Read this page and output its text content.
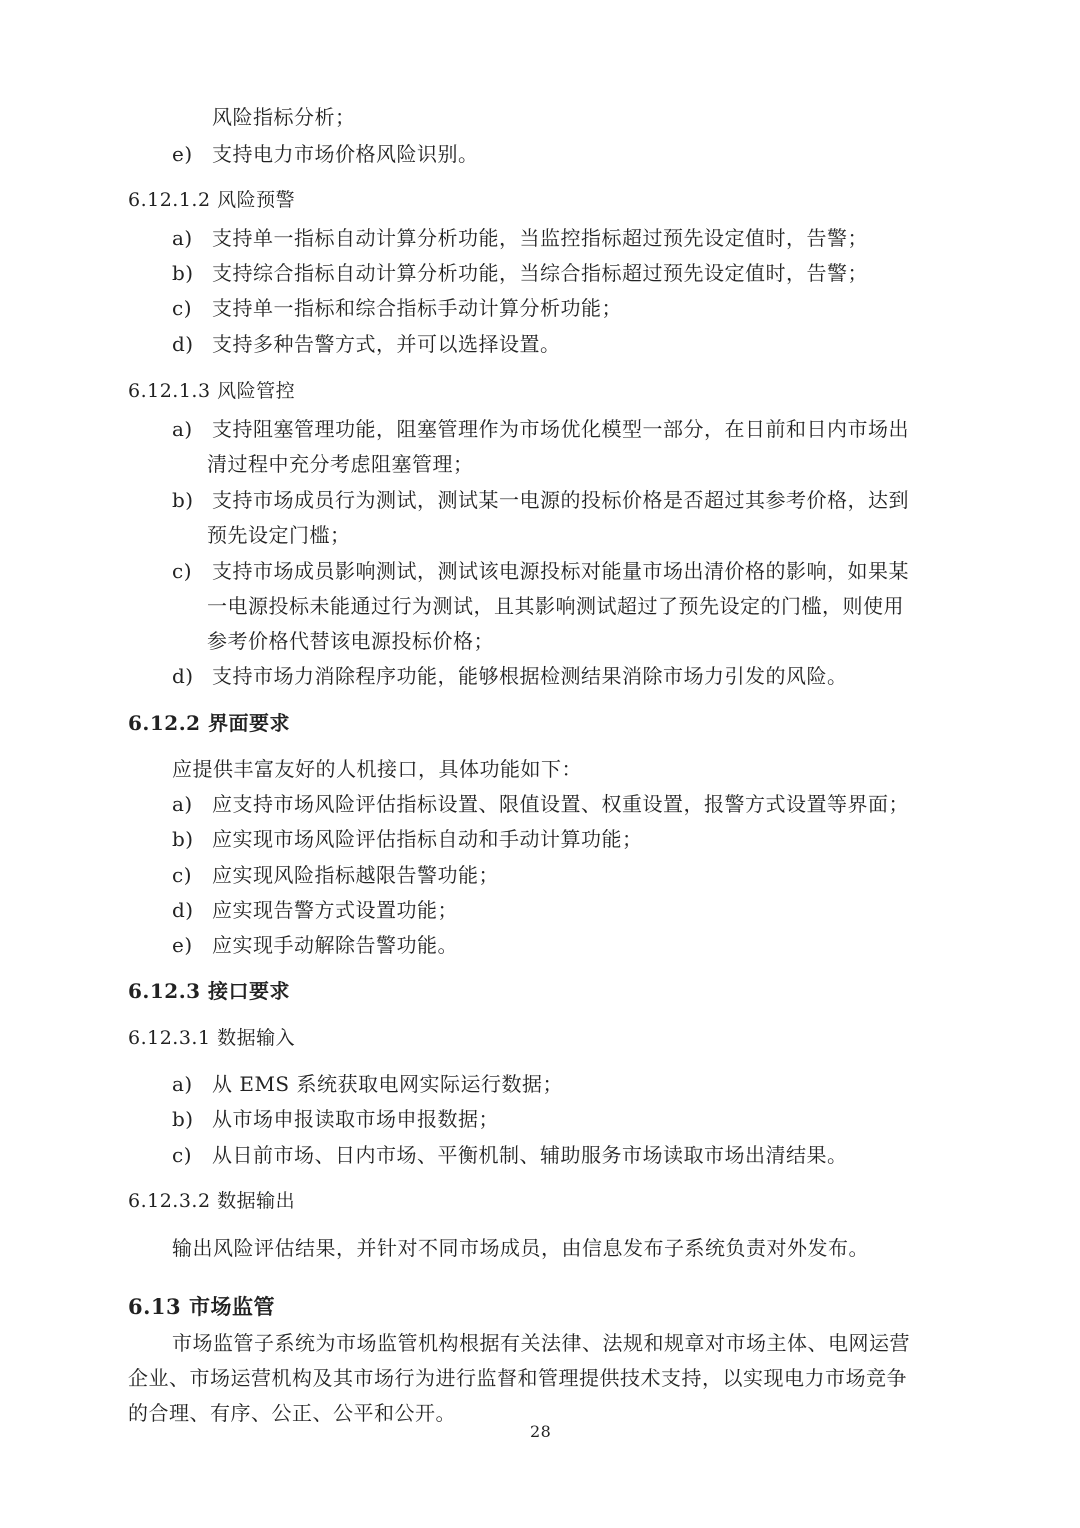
风险指标分析；
e) 支持电力市场价格风险识别。
6.12.1.2 风险预警
a) 支持单一指标自动计算分析功能，当监控指标超过预先设定值时，告警；
b) 支持综合指标自动计算分析功能，当综合指标超过预先设定值时，告警；
c) 支持单一指标和综合指标手动计算分析功能；
d) 支持多种告警方式，并可以选择设置。
6.12.1.3 风险管控
a) 支持阻塞管理功能，阻塞管理作为市场优化模型一部分，在日前和日内市场出
清过程中充分考虑阻塞管理；
b) 支持市场成员行为测试，测试某一电源的投标价格是否超过其参考价格，达到
预先设定门槛；
c) 支持市场成员影响测试，测试该电源投标对能量市场出清价格的影响，如果某
一电源投标未能通过行为测试，且其影响测试超过了预先设定的门槛，则使用
参考价格代替该电源投标价格；
d) 支持市场力消除程序功能，能够根据检测结果消除市场力引发的风险。
6.12.2 界面要求
应提供丰富友好的人机接口，具体功能如下：
a) 应支持市场风险评估指标设置、限值设置、权重设置，报警方式设置等界面；
b) 应实现市场风险评估指标自动和手动计算功能；
c) 应实现风险指标越限告警功能；
d) 应实现告警方式设置功能；
e) 应实现手动解除告警功能。
6.12.3 接口要求
6.12.3.1 数据输入
a) 从 EMS 系统获取电网实际运行数据；
b) 从市场申报读取市场申报数据；
c) 从日前市场、日内市场、平衡机制、辅助服务市场读取市场出清结果。
6.12.3.2 数据输出
输出风险评估结果，并针对不同市场成员，由信息发布子系统负责对外发布。
6.13 市场监管
市场监管子系统为市场监管机构根据有关法律、法规和规章对市场主体、电网运营
企业、市场运营机构及其市场行为进行监督和管理提供技术支持，以实现电力市场竞争
的合理、有序、公正、公平和公开。
28
